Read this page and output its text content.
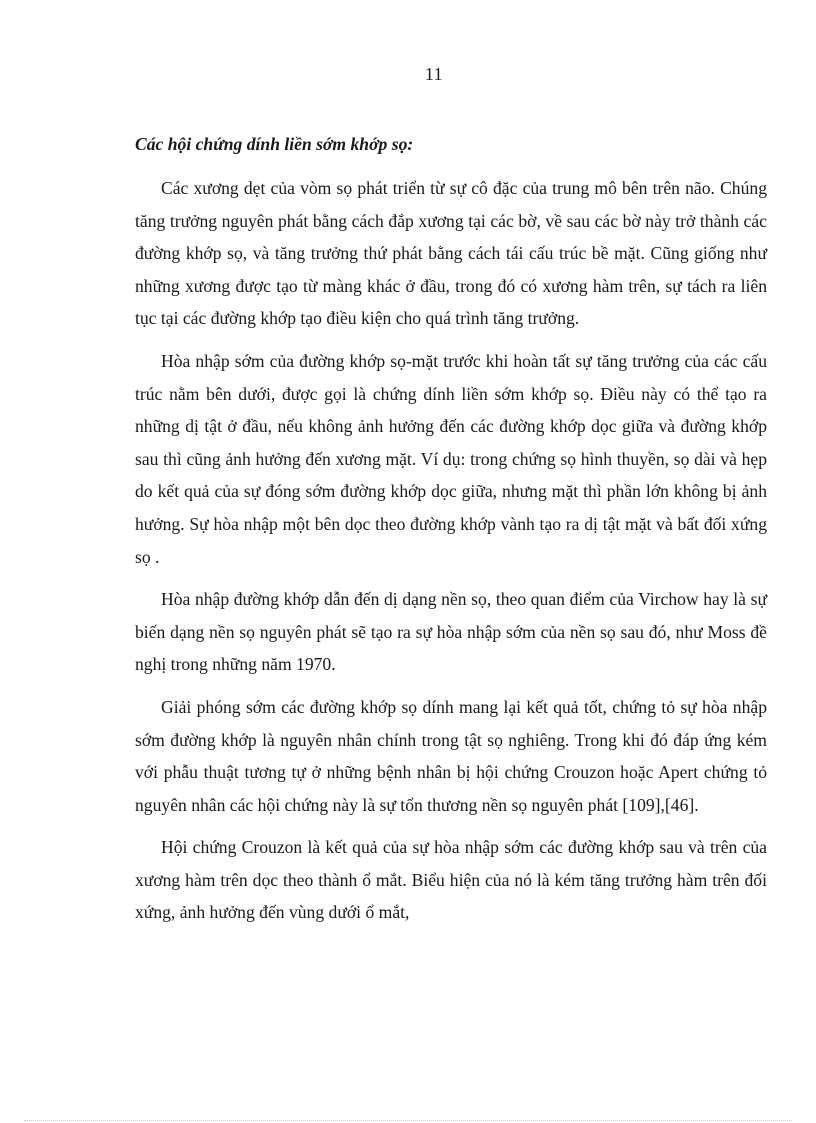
11

Các hội chứng dính liền sớm khớp sọ:

Các xương dẹt của vòm sọ phát triển từ sự cô đặc của trung mô bên trên não. Chúng tăng trưởng nguyên phát bằng cách đắp xương tại các bờ, về sau các bờ này trở thành các đường khớp sọ, và tăng trưởng thứ phát bằng cách tái cấu trúc bề mặt. Cũng giống như những xương được tạo từ màng khác ở đầu, trong đó có xương hàm trên, sự tách ra liên tục tại các đường khớp tạo điều kiện cho quá trình tăng trưởng.

Hòa nhập sớm của đường khớp sọ-mặt trước khi hoàn tất sự tăng trưởng của các cấu trúc nằm bên dưới, được gọi là chứng dính liền sớm khớp sọ. Điều này có thể tạo ra những dị tật ở đầu, nếu không ảnh hưởng đến các đường khớp dọc giữa và đường khớp sau thì cũng ảnh hưởng đến xương mặt. Ví dụ: trong chứng sọ hình thuyền, sọ dài và hẹp do kết quả của sự đóng sớm đường khớp dọc giữa, nhưng mặt thì phần lớn không bị ảnh hưởng. Sự hòa nhập một bên dọc theo đường khớp vành tạo ra dị tật mặt và bất đối xứng sọ .

Hòa nhập đường khớp dẫn đến dị dạng nền sọ, theo quan điểm của Virchow hay là sự biến dạng nền sọ nguyên phát sẽ tạo ra sự hòa nhập sớm của nền sọ sau đó, như Moss đề nghị trong những năm 1970.

Giải phóng sớm các đường khớp sọ dính mang lại kết quả tốt, chứng tỏ sự hòa nhập sớm đường khớp là nguyên nhân chính trong tật sọ nghiêng. Trong khi đó đáp ứng kém với phẫu thuật tương tự ở những bệnh nhân bị hội chứng Crouzon hoặc Apert chứng tỏ nguyên nhân các hội chứng này là sự tổn thương nền sọ nguyên phát [109],[46].

Hội chứng Crouzon là kết quả của sự hòa nhập sớm các đường khớp sau và trên của xương hàm trên dọc theo thành ổ mắt. Biểu hiện của nó là kém tăng trưởng hàm trên đối xứng, ảnh hưởng đến vùng dưới ổ mắt,
